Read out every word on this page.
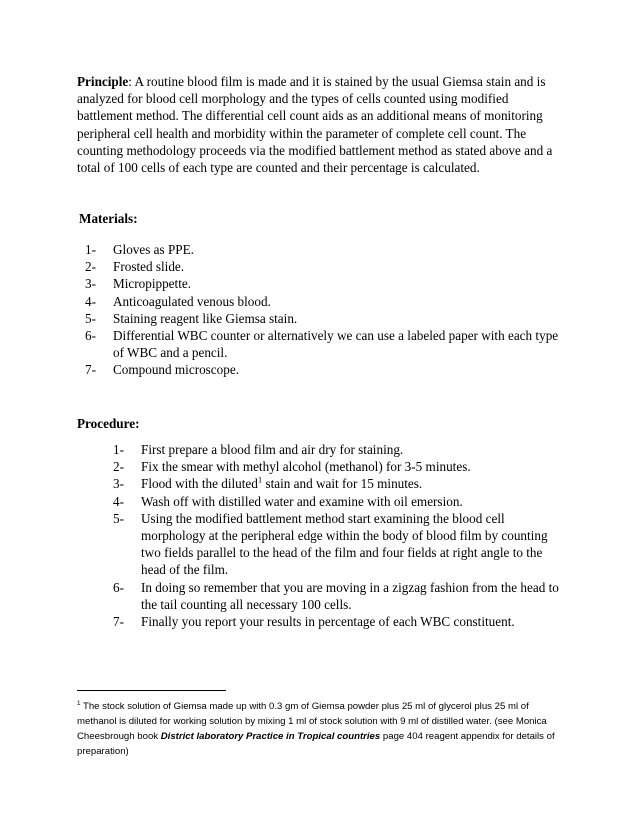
Principle: A routine blood film is made and it is stained by the usual Giemsa stain and is analyzed for blood cell morphology and the types of cells counted using modified battlement method. The differential cell count aids as an additional means of monitoring peripheral cell health and morbidity within the parameter of complete cell count. The counting methodology proceeds via the modified battlement method as stated above and a total of 100 cells of each type are counted and their percentage is calculated.

Materials:
1- Gloves as PPE.
2- Frosted slide.
3- Micropippette.
4- Anticoagulated venous blood.
5- Staining reagent like Giemsa stain.
6- Differential WBC counter or alternatively we can use a labeled paper with each type of WBC and a pencil.
7- Compound microscope.
Procedure:
1- First prepare a blood film and air dry for staining.
2- Fix the smear with methyl alcohol (methanol) for 3-5 minutes.
3- Flood with the diluted$^1$ stain and wait for 15 minutes.
4- Wash off with distilled water and examine with oil emersion.
5- Using the modified battlement method start examining the blood cell morphology at the peripheral edge within the body of blood film by counting two fields parallel to the head of the film and four fields at right angle to the head of the film.
6- In doing so remember that you are moving in a zigzag fashion from the head to the tail counting all necessary 100 cells.
7- Finally you report your results in percentage of each WBC constituent.

$^1$ The stock solution of Giemsa made up with 0.3 gm of Giemsa powder plus 25 ml of glycerol plus 25 ml of methanol is diluted for working solution by mixing 1 ml of stock solution with 9 ml of distilled water. (see Monica Cheesbrough book District laboratory Practice in Tropical countries page 404 reagent appendix for details of preparation)
